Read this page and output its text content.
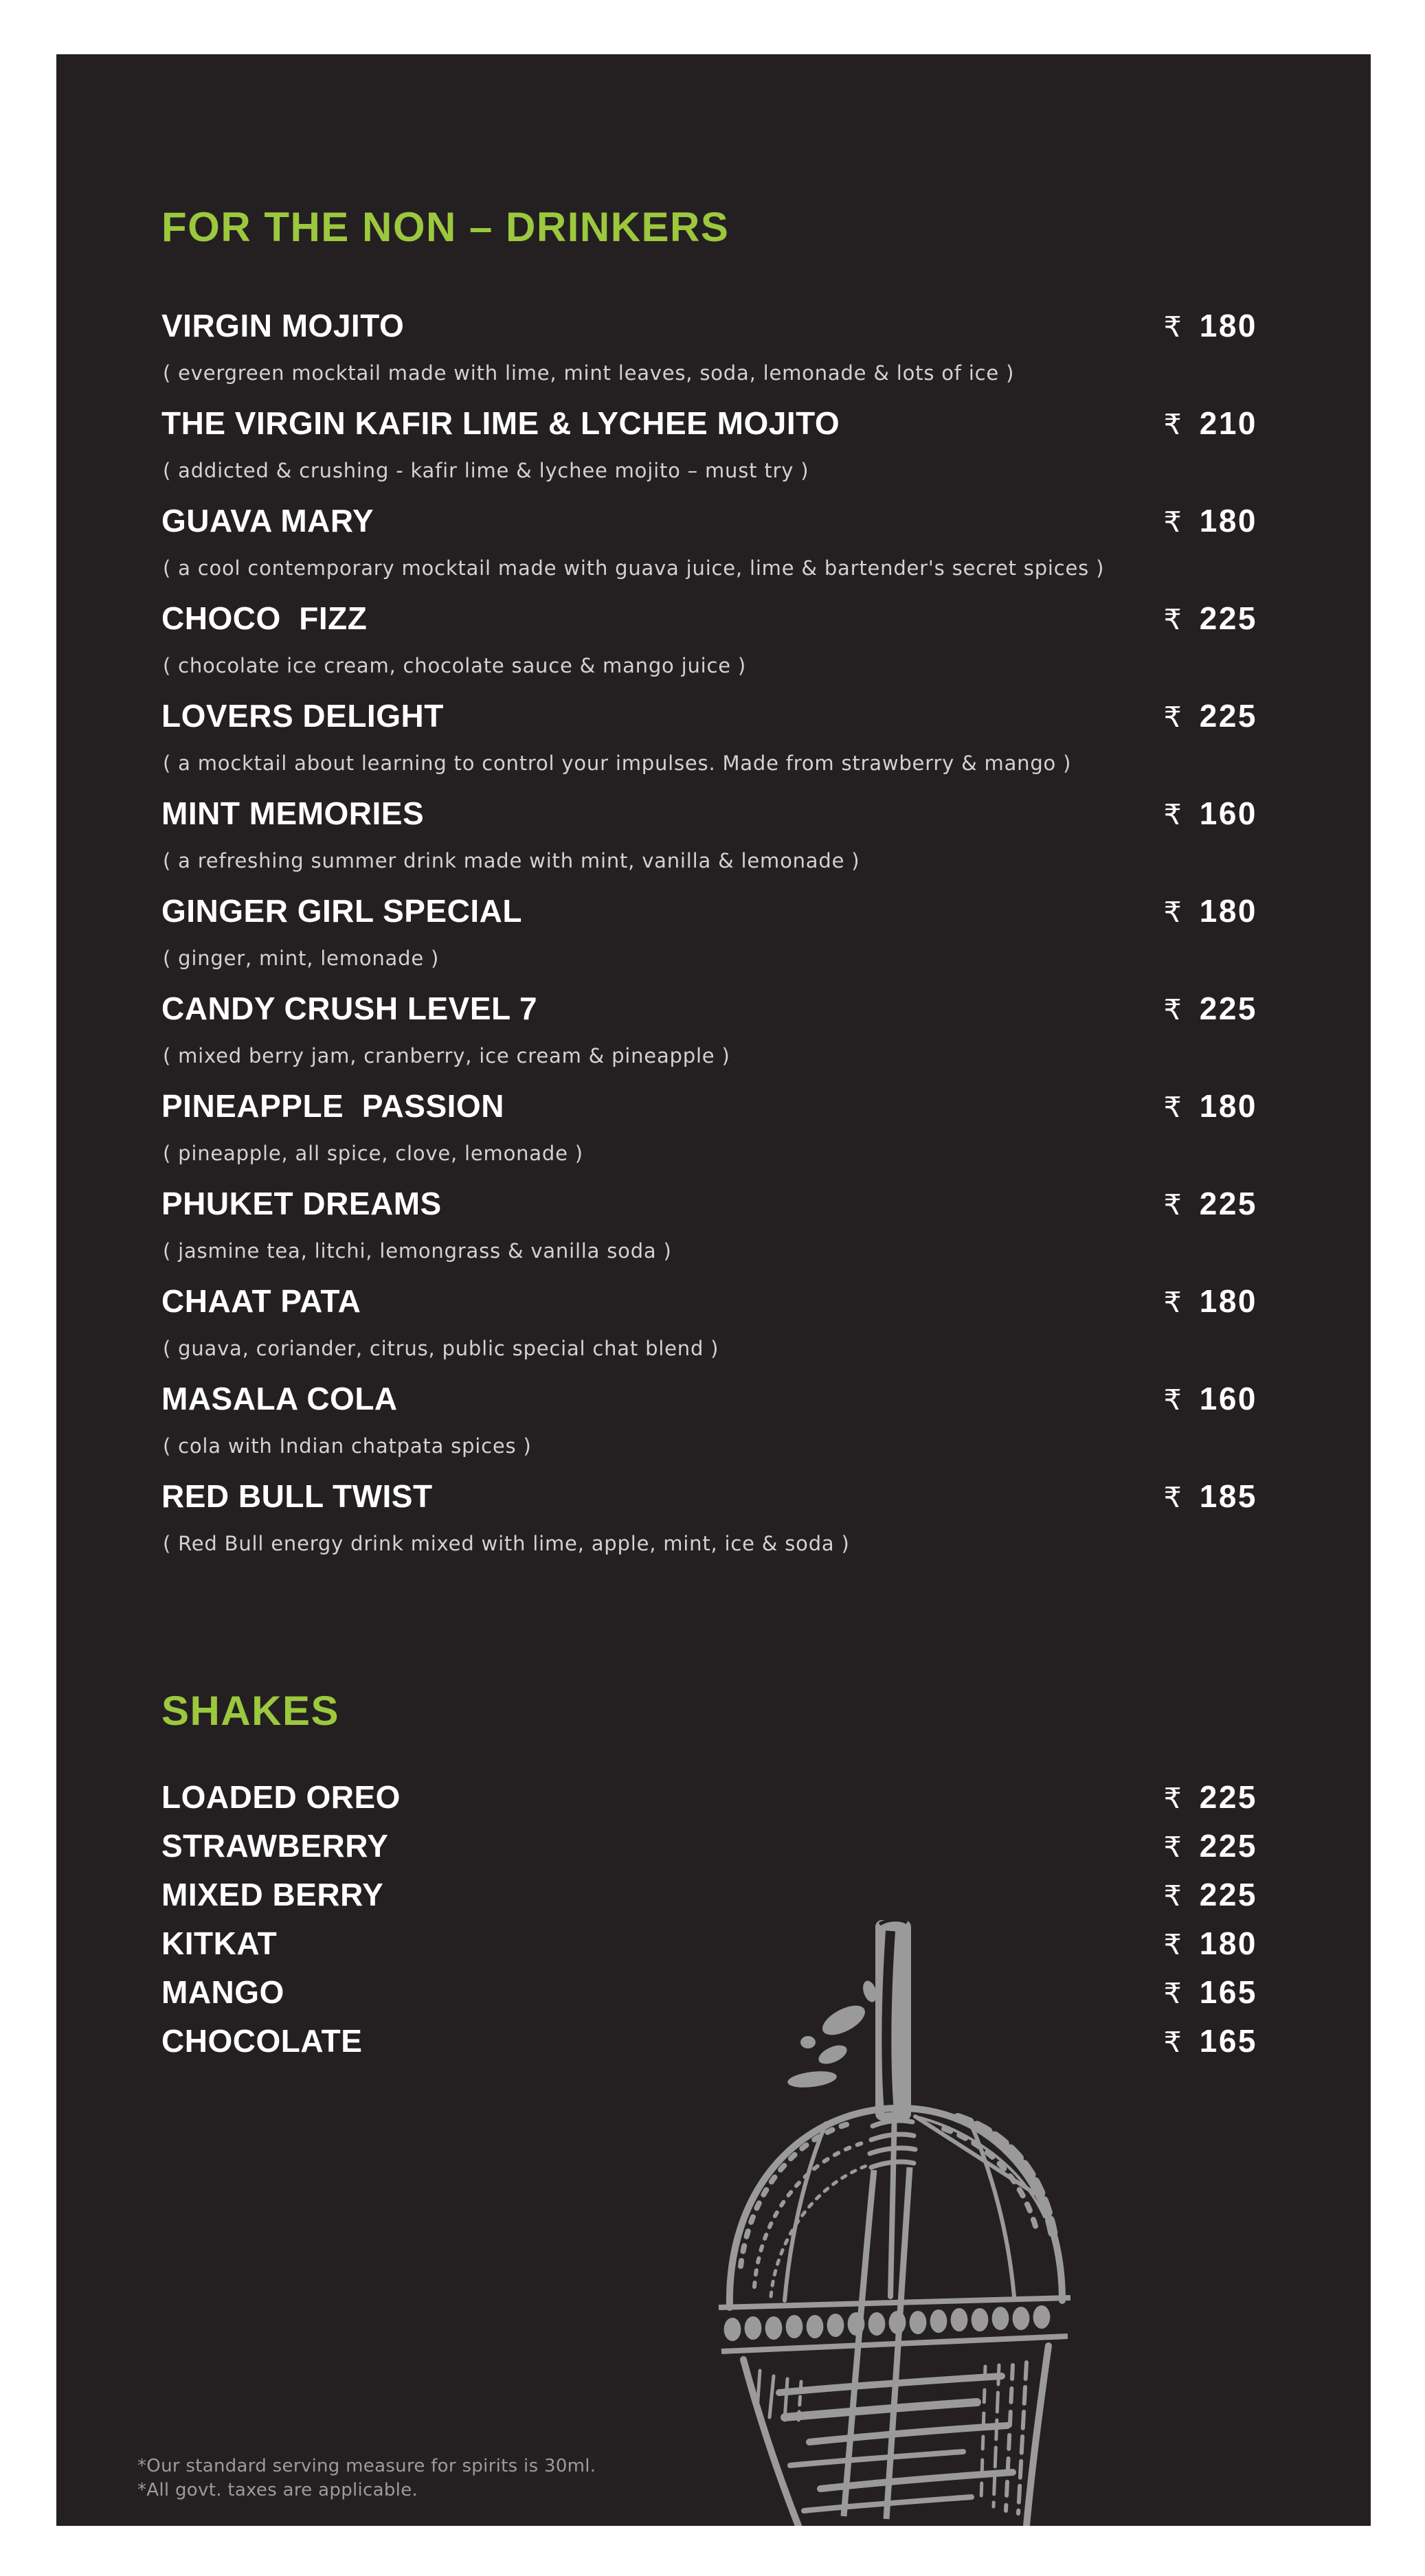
FOR THE NON – DRINKERS
VIRGIN MOJITO	₹ 180
( evergreen mocktail made with lime, mint leaves, soda, lemonade & lots of ice )
THE VIRGIN KAFIR LIME & LYCHEE MOJITO	₹ 210
( addicted & crushing - kafir lime & lychee mojito – must try )
GUAVA MARY	₹ 180
( a cool contemporary mocktail made with guava juice, lime & bartender's secret spices )
CHOCO  FIZZ	₹ 225
( chocolate ice cream, chocolate sauce & mango juice )
LOVERS DELIGHT	₹ 225
( a mocktail about learning to control your impulses. Made from strawberry & mango )
MINT MEMORIES	₹ 160
( a refreshing summer drink made with mint, vanilla & lemonade )
GINGER GIRL SPECIAL	₹ 180
( ginger, mint, lemonade )
CANDY CRUSH LEVEL 7	₹ 225
( mixed berry jam, cranberry, ice cream & pineapple )
PINEAPPLE  PASSION	₹ 180
( pineapple, all spice, clove, lemonade )
PHUKET DREAMS	₹ 225
( jasmine tea, litchi, lemongrass & vanilla soda )
CHAAT PATA	₹ 180
( guava, coriander, citrus, public special chat blend )
MASALA COLA	₹ 160
( cola with Indian chatpata spices )
RED BULL TWIST	₹ 185
( Red Bull energy drink mixed with lime, apple, mint, ice & soda )
SHAKES
LOADED OREO	₹ 225
STRAWBERRY	₹ 225
MIXED BERRY	₹ 225
KITKAT	₹ 180
MANGO	₹ 165
CHOCOLATE	₹ 165
*Our standard serving measure for spirits is 30ml.
*All govt. taxes are applicable.
